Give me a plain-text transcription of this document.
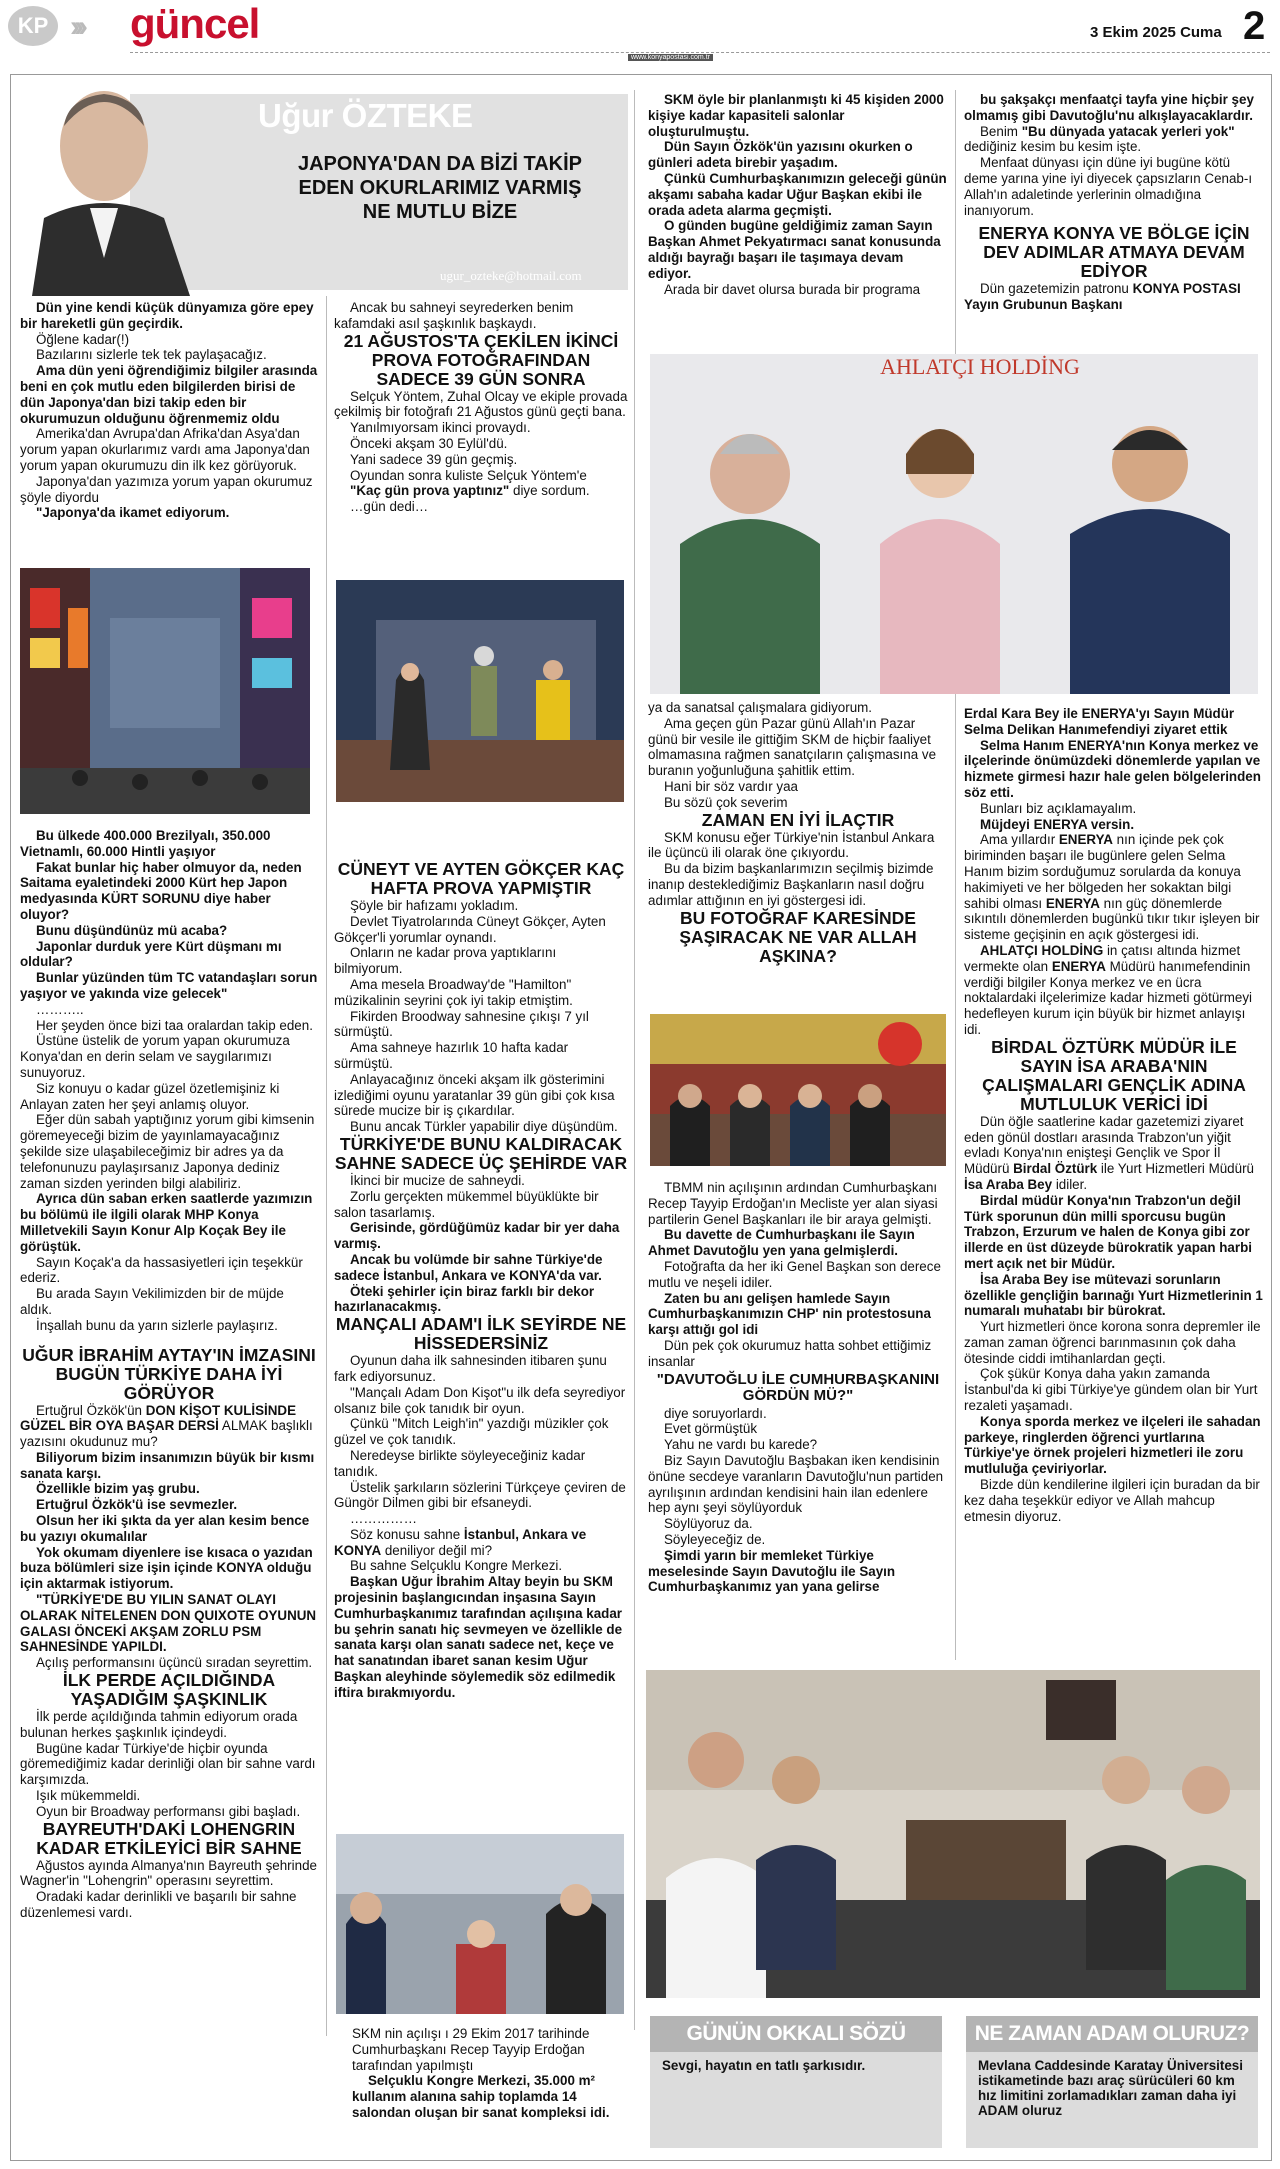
KP ››› güncel	3 Ekim 2025 Cuma 2
www.konyapostasi.com.tr
Uğur ÖZTEKE
JAPONYA'DAN DA BİZİ TAKİP EDEN OKURLARIMIZ VARMIŞ NE MUTLU BİZE
ugur_ozteke@hotmail.com

Dün yine kendi küçük dünyamıza göre epey bir hareketli gün geçirdik.

Öğlene kadar(!)

Bazılarını sizlerle tek tek paylaşacağız.

Ama dün yeni öğrendiğimiz bilgiler arasında beni en çok mutlu eden bilgilerden birisi de dün Japonya'dan bizi takip eden bir okurumuzun olduğunu öğrenmemiz oldu

Amerika'dan Avrupa'dan Afrika'dan Asya'dan yorum yapan okurlarımız vardı ama Japonya'dan yorum yapan okurumuzu din ilk kez görüyoruk.

Japonya'dan yazımıza yorum yapan okurumuz şöyle diyordu

"Japonya'da ikamet ediyorum.

Bu ülkede 400.000 Brezilyalı, 350.000 Vietnamlı, 60.000 Hintli yaşıyor

Fakat bunlar hiç haber olmuyor da, neden Saitama eyaletindeki 2000 Kürt hep Japon medyasında KÜRT SORUNU diye haber oluyor?

Bunu düşündünüz mü acaba?

Japonlar durduk yere Kürt düşmanı mı oldular?

Bunlar yüzünden tüm TC vatandaşları sorun yaşıyor ve yakında vize gelecek"

………..

Her şeyden önce bizi taa oralardan takip eden.

Üstüne üstelik de yorum yapan okurumuza Konya'dan en derin selam ve saygılarımızı sunuyoruz.

Siz konuyu o kadar güzel özetlemişiniz ki Anlayan zaten her şeyi anlamış oluyor.

Eğer dün sabah yaptığınız yorum gibi kimsenin göremeyeceği bizim de yayınlamayacağınız şekilde size ulaşabileceğimiz bir adres ya da telefonunuzu paylaşırsanız Japonya dediniz zaman sizden yerinden bilgi alabiliriz.

Ayrıca dün saban erken saatlerde yazımızın bu bölümü ile ilgili olarak MHP Konya Milletvekili Sayın Konur Alp Koçak Bey ile görüştük.

Sayın Koçak'a da hassasiyetleri için teşekkür ederiz.

Bu arada Sayın Vekilimizden bir de müjde aldık.

İnşallah bunu da yarın sizlerle paylaşırız.

UĞUR İBRAHİM AYTAY'IN İMZASINI BUGÜN TÜRKİYE DAHA İYİ GÖRÜYOR

Ertuğrul Özkök'ün DON KİŞOT KULİSİNDE GÜZEL BİR OYA BAŞAR DERSİ ALMAK başlıklı yazısını okudunuz mu?

Biliyorum bizim insanımızın büyük bir kısmı sanata karşı.

Özellikle bizim yaş grubu.

Ertuğrul Özkök'ü ise sevmezler.

Olsun her iki şıkta da yer alan kesim bence bu yazıyı okumalılar

Yok okumam diyenlere ise kısaca o yazıdan buza bölümleri size işin içinde KONYA olduğu için aktarmak istiyorum.

"TÜRKİYE'DE BU YILIN SANAT OLAYI OLARAK NİTELENEN DON QUIXOTE OYUNUN GALASI ÖNCEKİ AKŞAM ZORLU PSM SAHNESİNDE YAPILDI.

Açılış performansını üçüncü sıradan seyrettim.

İLK PERDE AÇILDIĞINDA YAŞADIĞIM ŞAŞKINLIK

İlk perde açıldığında tahmin ediyorum orada bulunan herkes şaşkınlık içindeydi.

Bugüne kadar Türkiye'de hiçbir oyunda göremediğimiz kadar derinliği olan bir sahne vardı karşımızda.

Işık mükemmeldi.

Oyun bir Broadway performansı gibi başladı.

BAYREUTH'DAKİ LOHENGRIN KADAR ETKİLEYİCİ BİR SAHNE

Ağustos ayında Almanya'nın Bayreuth şehrinde Wagner'in "Lohengrin" operasını seyrettim.

Oradaki kadar derinlikli ve başarılı bir sahne düzenlemesi vardı.

Ancak bu sahneyi seyrederken benim kafamdaki asıl şaşkınlık başkaydı.

21 AĞUSTOS'TA ÇEKİLEN İKİNCİ PROVA FOTOĞRAFINDAN SADECE 39 GÜN SONRA

Selçuk Yöntem, Zuhal Olcay ve ekiple provada çekilmiş bir fotoğrafı 21 Ağustos günü geçti bana.

Yanılmıyorsam ikinci provaydı.

Önceki akşam 30 Eylül'dü.

Yani sadece 39 gün geçmiş.

Oyundan sonra kuliste Selçuk Yöntem'e

"Kaç gün prova yaptınız" diye sordum.

…gün dedi…

CÜNEYT VE AYTEN GÖKÇER KAÇ HAFTA PROVA YAPMIŞTIR

Şöyle bir hafızamı yokladım.

Devlet Tiyatrolarında Cüneyt Gökçer, Ayten Gökçer'li yorumlar oynandı.

Onların ne kadar prova yaptıklarını bilmiyorum.

Ama mesela Broadway'de "Hamilton" müzikalinin seyrini çok iyi takip etmiştim.

Fikirden Broodway sahnesine çıkışı 7 yıl sürmüştü.

Ama sahneye hazırlık 10 hafta kadar sürmüştü.

Anlayacağınız önceki akşam ilk gösterimini izlediğimi oyunu yaratanlar 39 gün gibi çok kısa sürede mucize bir iş çıkardılar.

Bunu ancak Türkler yapabilir diye düşündüm.

TÜRKİYE'DE BUNU KALDIRACAK SAHNE SADECE ÜÇ ŞEHİRDE VAR

İkinci bir mucize de sahneydi.

Zorlu gerçekten mükemmel büyüklükte bir salon tasarlamış.

Gerisinde, gördüğümüz kadar bir yer daha varmış.

Ancak bu volümde bir sahne Türkiye'de sadece İstanbul, Ankara ve KONYA'da var.

Öteki şehirler için biraz farklı bir dekor hazırlanacakmış.

MANÇALI ADAM'I İLK SEYİRDE NE HİSSEDERSİNİZ

Oyunun daha ilk sahnesinden itibaren şunu fark ediyorsunuz.

"Mançalı Adam Don Kişot"u ilk defa seyrediyor olsanız bile çok tanıdık bir oyun.

Çünkü "Mitch Leigh'in" yazdığı müzikler çok güzel ve çok tanıdık.

Neredeyse birlikte söyleyeceğiniz kadar tanıdık.

Üstelik şarkıların sözlerini Türkçeye çeviren de Güngör Dilmen gibi bir efsaneydi.

……………

Söz konusu sahne İstanbul, Ankara ve KONYA deniliyor değil mi?

Bu sahne Selçuklu Kongre Merkezi.

Başkan Uğur İbrahim Altay beyin bu SKM projesinin başlangıcından inşasına Sayın Cumhurbaşkanımız tarafından açılışına kadar bu şehrin sanatı hiç sevmeyen ve özellikle de sanata karşı olan sanatı sadece net, keçe ve hat sanatından ibaret sanan kesim Uğur Başkan aleyhinde söylemedik söz edilmedik iftira bırakmıyordu.

SKM nin açılışı ı 29 Ekim 2017 tarihinde Cumhurbaşkanı Recep Tayyip Erdoğan tarafından yapılmıştı

Selçuklu Kongre Merkezi, 35.000 m² kullanım alanına sahip toplamda 14 salondan oluşan bir sanat kompleksi idi.

SKM öyle bir planlanmıştı ki 45 kişiden 2000 kişiye kadar kapasiteli salonlar oluşturulmuştu.

Dün Sayın Özkök'ün yazısını okurken o günleri adeta birebir yaşadım.

Çünkü Cumhurbaşkanımızın geleceği günün akşamı sabaha kadar Uğur Başkan ekibi ile orada adeta alarma geçmişti.

O günden bugüne geldiğimiz zaman Sayın Başkan Ahmet Pekyatırmacı sanat konusunda aldığı bayrağı başarı ile taşımaya devam ediyor.

Arada bir davet olursa burada bir programa

bu şakşakçı menfaatçi tayfa yine hiçbir şey olmamış gibi Davutoğlu'nu alkışlayacaklardır.

Benim "Bu dünyada yatacak yerleri yok" dediğiniz kesim bu kesim işte.

Menfaat dünyası için düne iyi bugüne kötü deme yarına yine iyi diyecek çapsızların Cenab-ı Allah'ın adaletinde yerlerinin olmadığına inanıyorum.

ENERYA KONYA VE BÖLGE İÇİN DEV ADIMLAR ATMAYA DEVAM EDİYOR

Dün gazetemizin patronu KONYA POSTASI Yayın Grubunun Başkanı

AHLATÇI HOLDİNG

ya da sanatsal çalışmalara gidiyorum.

Ama geçen gün Pazar günü Allah'ın Pazar günü bir vesile ile gittiğim SKM de hiçbir faaliyet olmamasına rağmen sanatçıların çalışmasına ve buranın yoğunluğuna şahitlik ettim.

Hani bir söz vardır yaa

Bu sözü çok severim

ZAMAN EN İYİ İLAÇTIR

SKM konusu eğer Türkiye'nin İstanbul Ankara ile üçüncü ili olarak öne çıkıyordu.

Bu da bizim başkanlarımızın seçilmiş bizimde inanıp desteklediğimiz Başkanların nasıl doğru adımlar attığının en iyi göstergesi idi.

BU FOTOĞRAF KARESİNDE ŞAŞIRACAK NE VAR ALLAH AŞKINA?

TBMM nin açılışının ardından Cumhurbaşkanı Recep Tayyip Erdoğan'ın Mecliste yer alan siyasi partilerin Genel Başkanları ile bir araya gelmişti.

Bu davette de Cumhurbaşkanı ile Sayın Ahmet Davutoğlu yen yana gelmişlerdi.

Fotoğrafta da her iki Genel Başkan son derece mutlu ve neşeli idiler.

Zaten bu anı gelişen hamlede Sayın Cumhurbaşkanımızın CHP' nin protestosuna karşı attığı gol idi

Dün pek çok okurumuz hatta sohbet ettiğimiz insanlar

"DAVUTOĞLU İLE CUMHURBAŞKANINI GÖRDÜN MÜ?"

diye soruyorlardı.

Evet görmüştük

Yahu ne vardı bu karede?

Biz Sayın Davutoğlu Başbakan iken kendisinin önüne secdeye varanların Davutoğlu'nun partiden ayrılışının ardından kendisini hain ilan edenlere hep aynı şeyi söylüyorduk

Söylüyoruz da.

Söyleyeceğiz de.

Şimdi yarın bir memleket Türkiye meselesinde Sayın Davutoğlu ile Sayın Cumhurbaşkanımız yan yana gelirse

Erdal Kara Bey ile ENERYA'yı Sayın Müdür Selma Delikan Hanımefendiyi ziyaret ettik

Selma Hanım ENERYA'nın Konya merkez ve ilçelerinde önümüzdeki dönemlerde yapılan ve hizmete girmesi hazır hale gelen bölgelerinden söz etti.

Bunları biz açıklamayalım.

Müjdeyi ENERYA versin.

Ama yıllardır ENERYA nın içinde pek çok biriminden başarı ile bugünlere gelen Selma Hanım bizim sorduğumuz sorularda da konuya hakimiyeti ve her bölgeden her sokaktan bilgi sahibi olması ENERYA nın güç dönemlerde sıkıntılı dönemlerden bugünkü tıkır tıkır işleyen bir sisteme geçişinin en açık göstergesi idi.

AHLATÇI HOLDİNG in çatısı altında hizmet vermekte olan ENERYA Müdürü hanımefendinin verdiği bilgiler Konya merkez ve en ücra noktalardaki ilçelerimize kadar hizmeti götürmeyi hedefleyen kurum için büyük bir hizmet anlayışı idi.

BİRDAL ÖZTÜRK MÜDÜR İLE SAYIN İSA ARABA'NIN ÇALIŞMALARI GENÇLİK ADINA MUTLULUK VERİCİ İDİ

Dün öğle saatlerine kadar gazetemizi ziyaret eden gönül dostları arasında Trabzon'un yiğit evladı Konya'nın enişteşi Gençlik ve Spor İl Müdürü Birdal Öztürk ile Yurt Hizmetleri Müdürü İsa Araba Bey idiler.

Birdal müdür Konya'nın Trabzon'un değil Türk sporunun dün milli sporcusu bugün Trabzon, Erzurum ve halen de Konya gibi zor illerde en üst düzeyde bürokratik yapan harbi mert açık net bir Müdür.

İsa Araba Bey ise mütevazi sorunların özellikle gençliğin barınağı Yurt Hizmetlerinin 1 numaralı muhatabı bir bürokrat.

Yurt hizmetleri önce korona sonra depremler ile zaman zaman öğrenci barınmasının çok daha ötesinde ciddi imtihanlardan geçti.

Çok şükür Konya daha yakın zamanda İstanbul'da ki gibi Türkiye'ye gündem olan bir Yurt rezaleti yaşamadı.

Konya sporda merkez ve ilçeleri ile sahadan parkeye, ringlerden öğrenci yurtlarına Türkiye'ye örnek projeleri hizmetleri ile zoru mutluluğa çeviriyorlar.

Bizde dün kendilerine ilgileri için buradan da bir kez daha teşekkür ediyor ve Allah mahcup etmesin diyoruz.

GÜNÜN OKKALI SÖZÜ
Sevgi, hayatın en tatlı şarkısıdır.
NE ZAMAN ADAM OLURUZ?
Mevlana Caddesinde Karatay Üniversitesi istikametinde bazı araç sürücüleri 60 km hız limitini zorlamadıkları zaman daha iyi ADAM oluruz
